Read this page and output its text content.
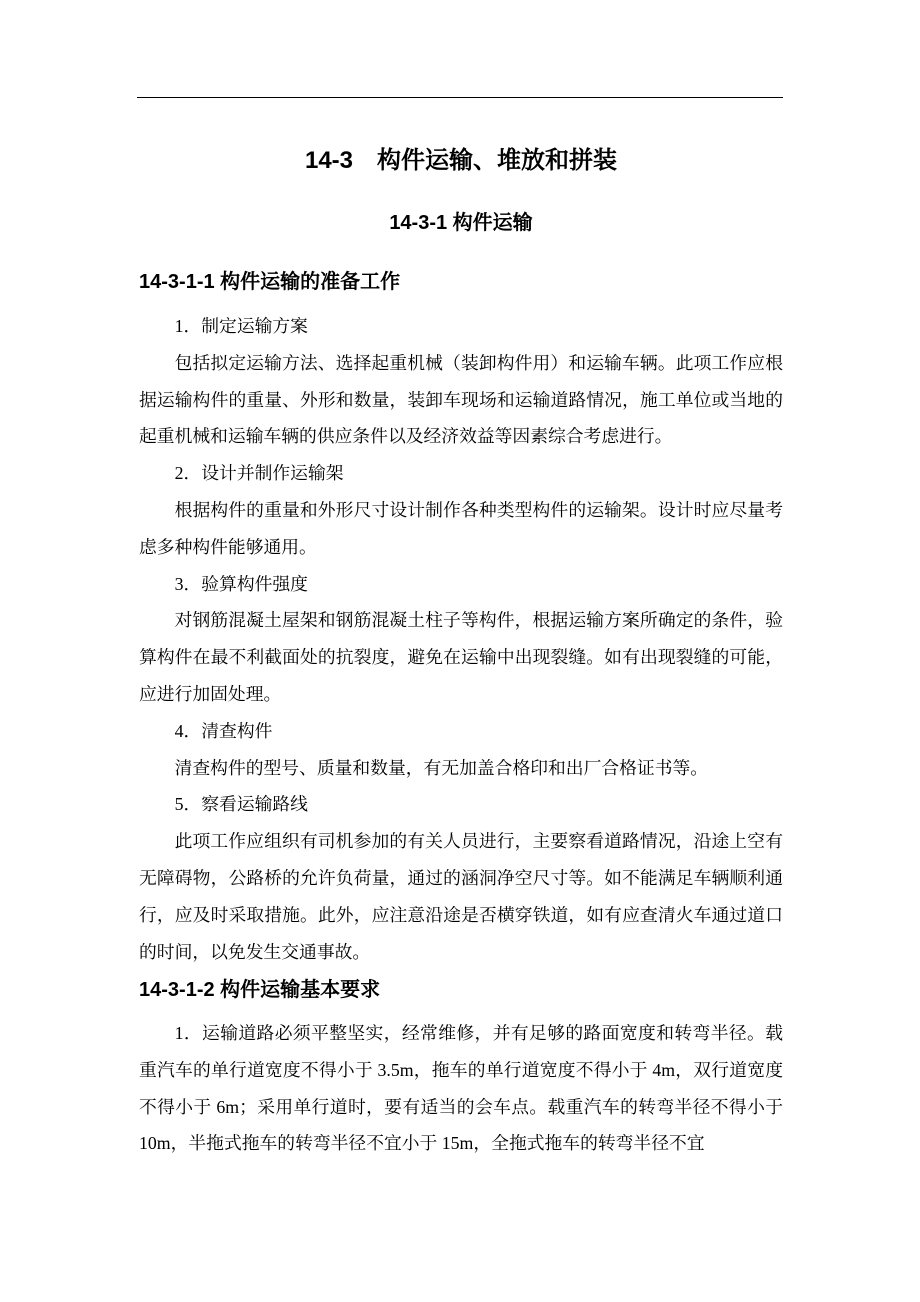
14-3　构件运输、堆放和拼装
14-3-1 构件运输
14-3-1-1 构件运输的准备工作

1．制定运输方案

包括拟定运输方法、选择起重机械（装卸构件用）和运输车辆。此项工作应根据运输构件的重量、外形和数量，装卸车现场和运输道路情况，施工单位或当地的起重机械和运输车辆的供应条件以及经济效益等因素综合考虑进行。

2．设计并制作运输架

根据构件的重量和外形尺寸设计制作各种类型构件的运输架。设计时应尽量考虑多种构件能够通用。

3．验算构件强度

对钢筋混凝土屋架和钢筋混凝土柱子等构件，根据运输方案所确定的条件，验算构件在最不利截面处的抗裂度，避免在运输中出现裂缝。如有出现裂缝的可能，应进行加固处理。

4．清查构件

清查构件的型号、质量和数量，有无加盖合格印和出厂合格证书等。

5．察看运输路线

此项工作应组织有司机参加的有关人员进行，主要察看道路情况，沿途上空有无障碍物，公路桥的允许负荷量，通过的涵洞净空尺寸等。如不能满足车辆顺利通行，应及时采取措施。此外，应注意沿途是否横穿铁道，如有应查清火车通过道口的时间，以免发生交通事故。

14-3-1-2 构件运输基本要求

1．运输道路必须平整坚实，经常维修，并有足够的路面宽度和转弯半径。载重汽车的单行道宽度不得小于 3.5m，拖车的单行道宽度不得小于 4m，双行道宽度不得小于 6m；采用单行道时，要有适当的会车点。载重汽车的转弯半径不得小于 10m，半拖式拖车的转弯半径不宜小于 15m，全拖式拖车的转弯半径不宜
